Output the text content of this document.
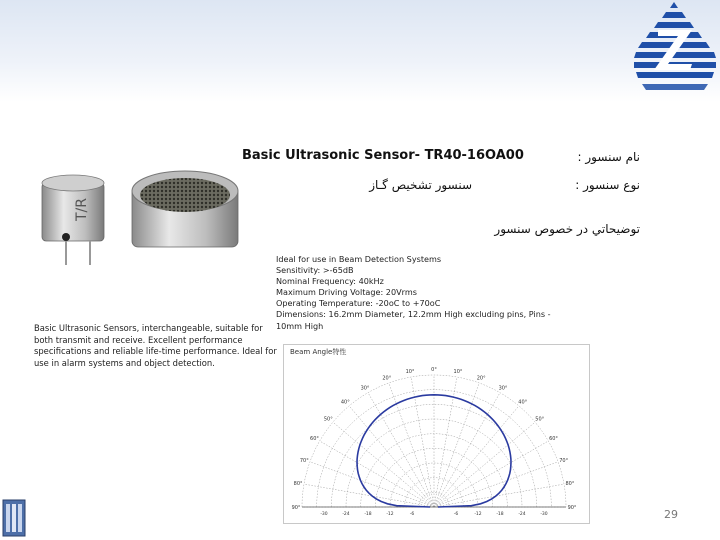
Basic Ultrasonic Sensor- TR40-16OA00	نام سنسور :
نوع سنسور :
سنسور تشخیص گـاز
توضیحاتي در خصوص سنسور
T/R
Basic Ultrasonic Sensors, interchangeable, suitable for both transmit and receive. Excellent performance specifications and reliable life-time performance. Ideal for use in alarm systems and object detection.
Ideal for use in Beam Detection Systems
Sensitivity: >-65dB
Nominal Frequency: 40kHz
Maximum Driving Voltage: 20Vrms
Operating Temperature: -20oC to +70oC
Dimensions: 16.2mm Diameter, 12.2mm High excluding pins, Pins - 10mm High
0°	10°
10°
20°
20°
30°
30°
40°
40°
50°
50°
60°
60°
70°
70°
80°
80°
90°
90°
-6
-6	-12
-12	-18
-18	-24
-24	-30
-30
Beam Angle特性
29
